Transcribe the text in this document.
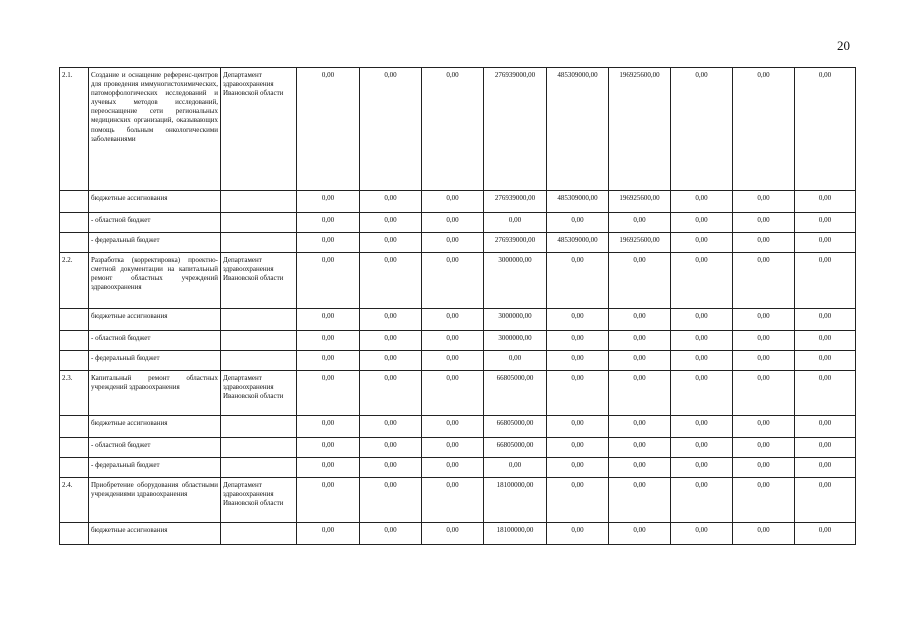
20
2.1.	Создание и оснащение референс-центров для проведения иммуногистохимических, патоморфологических исследований и лучевых методов исследований, переоснащение сети региональных медицинских организаций, оказывающих помощь больным онкологическими заболеваниями	Департамент здравоохранения Ивановской области	0,00	0,00	0,00	276939000,00	485309000,00	196925600,00	0,00	0,00	0,00
	бюджетные ассигнования		0,00	0,00	0,00	276939000,00	485309000,00	196925600,00	0,00	0,00	0,00
	- областной бюджет		0,00	0,00	0,00	0,00	0,00	0,00	0,00	0,00	0,00
	- федеральный бюджет		0,00	0,00	0,00	276939000,00	485309000,00	196925600,00	0,00	0,00	0,00
2.2.	Разработка (корректировка) проектно-сметной документации на капитальный ремонт областных учреждений здравоохранения	Департамент здравоохранения Ивановской области	0,00	0,00	0,00	3000000,00	0,00	0,00	0,00	0,00	0,00
	бюджетные ассигнования		0,00	0,00	0,00	3000000,00	0,00	0,00	0,00	0,00	0,00
	- областной бюджет		0,00	0,00	0,00	3000000,00	0,00	0,00	0,00	0,00	0,00
	- федеральный бюджет		0,00	0,00	0,00	0,00	0,00	0,00	0,00	0,00	0,00
2.3.	Капитальный ремонт областных учреждений здравоохранения	Департамент здравоохранения Ивановской области	0,00	0,00	0,00	66805000,00	0,00	0,00	0,00	0,00	0,00
	бюджетные ассигнования		0,00	0,00	0,00	66805000,00	0,00	0,00	0,00	0,00	0,00
	- областной бюджет		0,00	0,00	0,00	66805000,00	0,00	0,00	0,00	0,00	0,00
	- федеральный бюджет		0,00	0,00	0,00	0,00	0,00	0,00	0,00	0,00	0,00
2.4.	Приобретение оборудования областными учреждениями здравоохранения	Департамент здравоохранения Ивановской области	0,00	0,00	0,00	18100000,00	0,00	0,00	0,00	0,00	0,00
	бюджетные ассигнования		0,00	0,00	0,00	18100000,00	0,00	0,00	0,00	0,00	0,00
